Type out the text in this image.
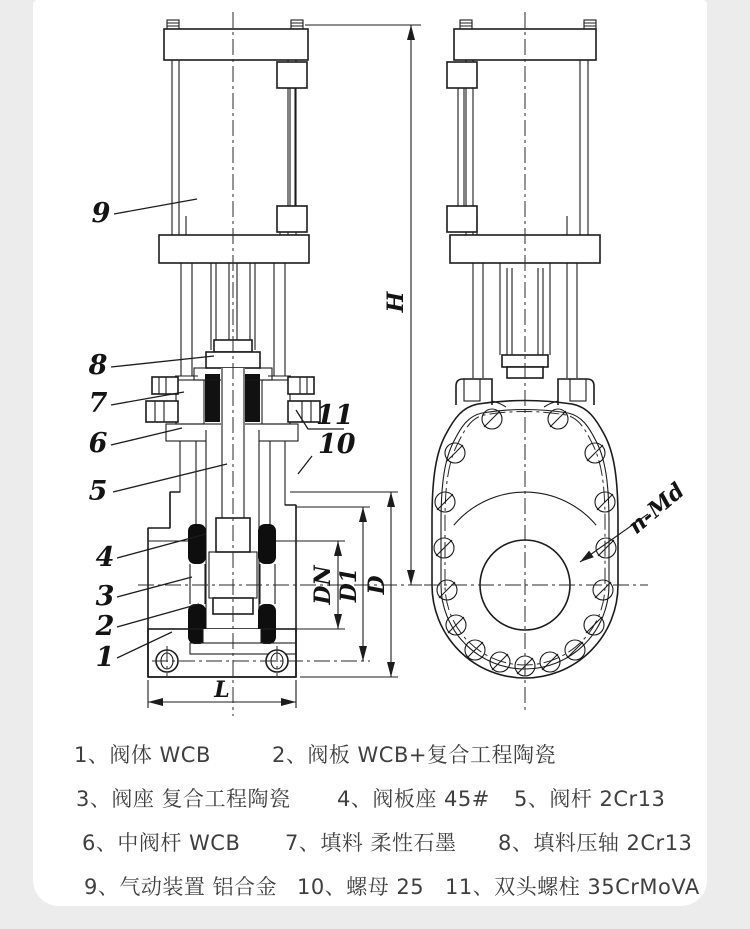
H
DN D1 D
L
n-Md
9
8
7
6
5
4
3
2
1
11
10
1、阀体 WCB	2、阀板 WCB+复合工程陶瓷
3、阀座 复合工程陶瓷 4、阀板座 45# 5、阀杆 2Cr13
6、中阀杆 WCB 7、填料 柔性石墨 8、填料压轴 2Cr13
9、气动装置 铝合金 10、螺母 25 11、双头螺柱 35CrMoVA
